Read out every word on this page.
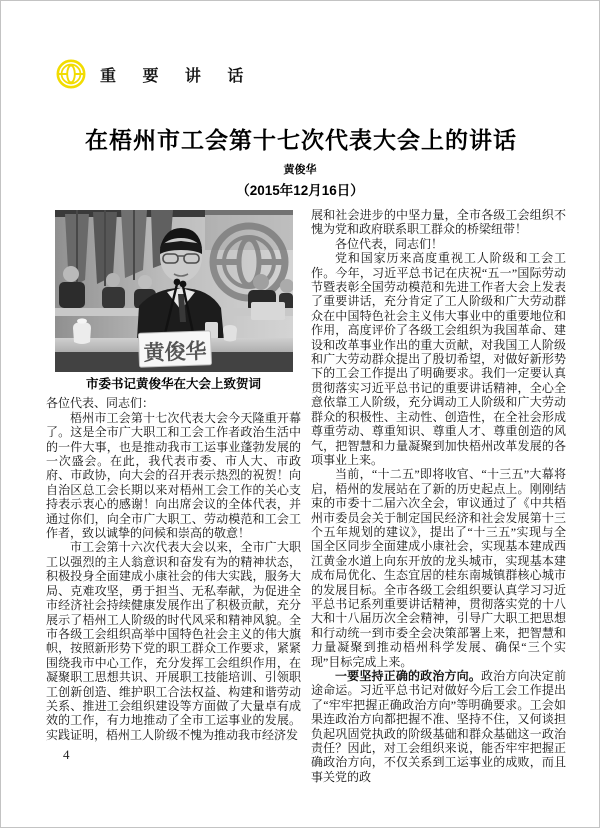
重 要 讲 话
在梧州市工会第十七次代表大会上的讲话
黄俊华
（2015年12月16日）
黄俊华
市委书记黄俊华在大会上致贺词

各位代表、同志们：

梧州市工会第十七次代表大会今天隆重开幕了。这是全市广大职工和工会工作者政治生活中的一件大事，也是推动我市工运事业蓬勃发展的一次盛会。在此，我代表市委、市人大、市政府、市政协，向大会的召开表示热烈的祝贺！向自治区总工会长期以来对梧州工会工作的关心支持表示衷心的感谢！向出席会议的全体代表，并通过你们，向全市广大职工、劳动模范和工会工作者，致以诚挚的问候和崇高的敬意！

市工会第十六次代表大会以来，全市广大职工以强烈的主人翁意识和奋发有为的精神状态，积极投身全面建成小康社会的伟大实践，服务大局、克难攻坚，勇于担当、无私奉献，为促进全市经济社会持续健康发展作出了积极贡献，充分展示了梧州工人阶级的时代风采和精神风貌。全市各级工会组织高举中国特色社会主义的伟大旗帜，按照新形势下党的职工群众工作要求，紧紧围绕我市中心工作，充分发挥工会组织作用，在凝聚职工思想共识、开展职工技能培训、引领职工创新创造、维护职工合法权益、构建和谐劳动关系、推进工会组织建设等方面做了大量卓有成效的工作，有力地推动了全市工运事业的发展。实践证明，梧州工人阶级不愧为推动我市经济发

展和社会进步的中坚力量，全市各级工会组织不愧为党和政府联系职工群众的桥梁纽带！

各位代表，同志们！

党和国家历来高度重视工人阶级和工会工作。今年，习近平总书记在庆祝“五一”国际劳动节暨表彰全国劳动模范和先进工作者大会上发表了重要讲话，充分肯定了工人阶级和广大劳动群众在中国特色社会主义伟大事业中的重要地位和作用，高度评价了各级工会组织为我国革命、建设和改革事业作出的重大贡献，对我国工人阶级和广大劳动群众提出了殷切希望，对做好新形势下的工会工作提出了明确要求。我们一定要认真贯彻落实习近平总书记的重要讲话精神，全心全意依靠工人阶级，充分调动工人阶级和广大劳动群众的积极性、主动性、创造性，在全社会形成尊重劳动、尊重知识、尊重人才、尊重创造的风气，把智慧和力量凝聚到加快梧州改革发展的各项事业上来。

当前，“十二五”即将收官、“十三五”大幕将启，梧州的发展站在了新的历史起点上。刚刚结束的市委十二届六次全会，审议通过了《中共梧州市委员会关于制定国民经济和社会发展第十三个五年规划的建议》，提出了“十三五”实现与全国全区同步全面建成小康社会，实现基本建成西江黄金水道上向东开放的龙头城市，实现基本建成布局优化、生态宜居的桂东南城镇群核心城市的发展目标。全市各级工会组织要认真学习习近平总书记系列重要讲话精神，贯彻落实党的十八大和十八届历次全会精神，引导广大职工把思想和行动统一到市委全会决策部署上来，把智慧和力量凝聚到推动梧州科学发展、确保“三个实现”目标完成上来。

一要坚持正确的政治方向。政治方向决定前途命运。习近平总书记对做好今后工会工作提出了“牢牢把握正确政治方向”等明确要求。工会如果连政治方向都把握不准、坚持不住，又何谈担负起巩固党执政的阶级基础和群众基础这一政治责任？因此，对工会组织来说，能否牢牢把握正确政治方向，不仅关系到工运事业的成败，而且事关党的政

4
